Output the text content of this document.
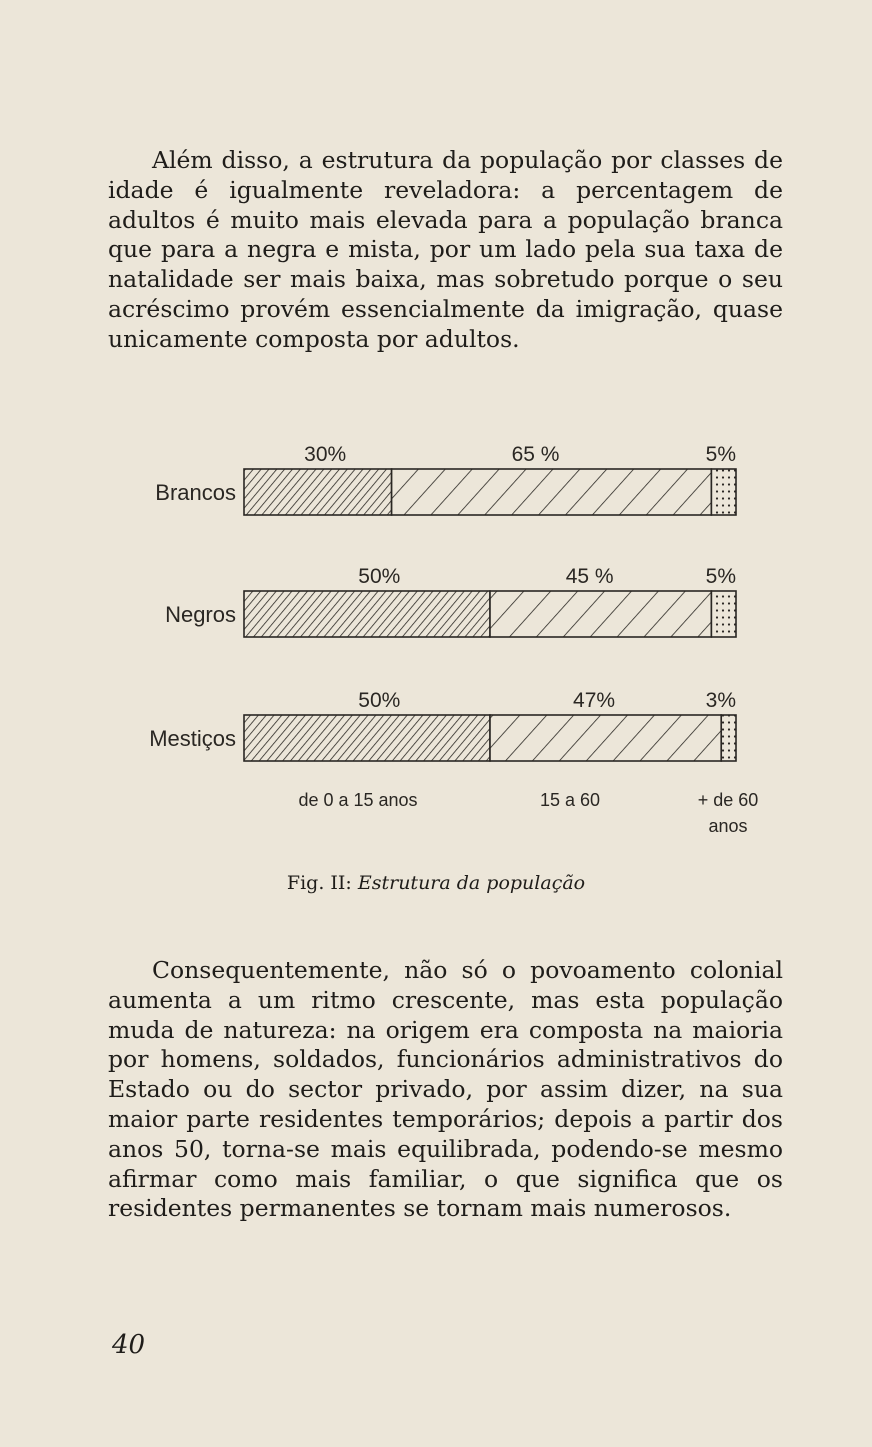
Além disso, a estrutura da população por classes de idade é igualmente reveladora: a percentagem de adultos é muito mais elevada para a população branca que para a negra e mista, por um lado pela sua taxa de natalidade ser mais baixa, mas sobretudo porque o seu acréscimo provém essencialmente da imigração, quase unicamente composta por adultos.

Brancos
30%	65 %	5%
Negros
50%	45 %	5%
Mestiços
50%	47%	3%
de 0 a 15 anos	15 a 60	+ de 60
anos
Fig. II: Estrutura da população

Consequentemente, não só o povoamento colonial aumenta a um ritmo crescente, mas esta população muda de natureza: na origem era composta na maioria por homens, soldados, funcionários administrativos do Estado ou do sector privado, por assim dizer, na sua maior parte residentes temporários; depois a partir dos anos 50, torna-se mais equilibrada, podendo-se mesmo afirmar como mais familiar, o que significa que os residentes permanentes se tornam mais numerosos.

40
